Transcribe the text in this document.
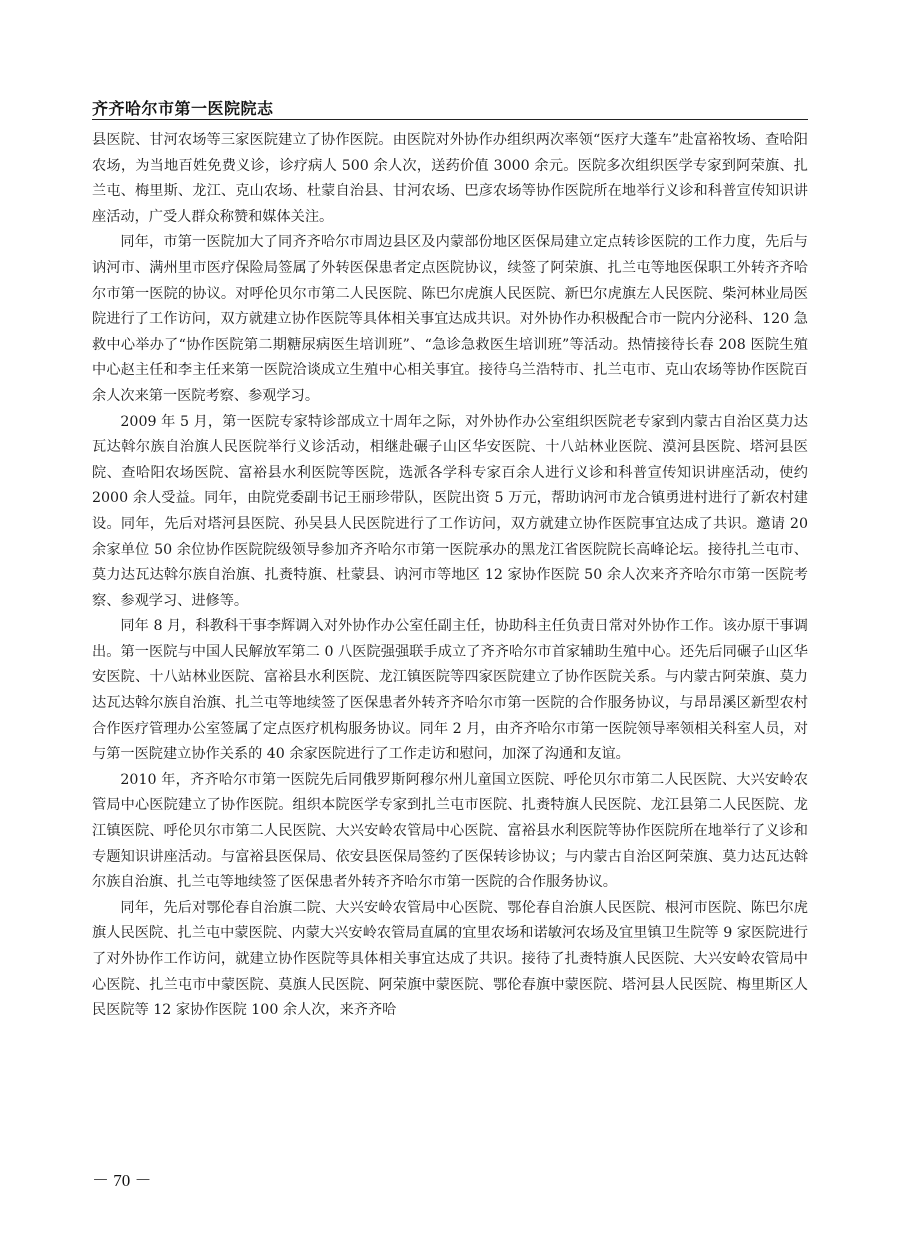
齐齐哈尔市第一医院院志

县医院、甘河农场等三家医院建立了协作医院。由医院对外协作办组织两次率领“医疗大蓬车”赴富裕牧场、查哈阳农场，为当地百姓免费义诊，诊疗病人 500 余人次，送药价值 3000 余元。医院多次组织医学专家到阿荣旗、扎兰屯、梅里斯、龙江、克山农场、杜蒙自治县、甘河农场、巴彦农场等协作医院所在地举行义诊和科普宣传知识讲座活动，广受人群众称赞和媒体关注。

同年，市第一医院加大了同齐齐哈尔市周边县区及内蒙部份地区医保局建立定点转诊医院的工作力度，先后与讷河市、满州里市医疗保险局签属了外转医保患者定点医院协议，续签了阿荣旗、扎兰屯等地医保职工外转齐齐哈尔市第一医院的协议。对呼伦贝尔市第二人民医院、陈巴尔虎旗人民医院、新巴尔虎旗左人民医院、柴河林业局医院进行了工作访问，双方就建立协作医院等具体相关事宜达成共识。对外协作办积极配合市一院内分泌科、120 急救中心举办了“协作医院第二期糖尿病医生培训班”、“急诊急救医生培训班”等活动。热情接待长春 208 医院生殖中心赵主任和李主任来第一医院洽谈成立生殖中心相关事宜。接待乌兰浩特市、扎兰屯市、克山农场等协作医院百余人次来第一医院考察、参观学习。

2009 年 5 月，第一医院专家特诊部成立十周年之际，对外协作办公室组织医院老专家到内蒙古自治区莫力达瓦达斡尔族自治旗人民医院举行义诊活动，相继赴碾子山区华安医院、十八站林业医院、漠河县医院、塔河县医院、查哈阳农场医院、富裕县水利医院等医院，选派各学科专家百余人进行义诊和科普宣传知识讲座活动，使约 2000 余人受益。同年，由院党委副书记王丽珍带队，医院出资 5 万元，帮助讷河市龙合镇勇进村进行了新农村建设。同年，先后对塔河县医院、孙吴县人民医院进行了工作访问，双方就建立协作医院事宜达成了共识。邀请 20 余家单位 50 余位协作医院院级领导参加齐齐哈尔市第一医院承办的黑龙江省医院院长高峰论坛。接待扎兰屯市、莫力达瓦达斡尔族自治旗、扎赉特旗、杜蒙县、讷河市等地区 12 家协作医院 50 余人次来齐齐哈尔市第一医院考察、参观学习、进修等。

同年 8 月，科教科干事李辉调入对外协作办公室任副主任，协助科主任负责日常对外协作工作。该办原干事调出。第一医院与中国人民解放军第二 0 八医院强强联手成立了齐齐哈尔市首家辅助生殖中心。还先后同碾子山区华安医院、十八站林业医院、富裕县水利医院、龙江镇医院等四家医院建立了协作医院关系。与内蒙古阿荣旗、莫力达瓦达斡尔族自治旗、扎兰屯等地续签了医保患者外转齐齐哈尔市第一医院的合作服务协议，与昂昂溪区新型农村合作医疗管理办公室签属了定点医疗机构服务协议。同年 2 月，由齐齐哈尔市第一医院领导率领相关科室人员，对与第一医院建立协作关系的 40 余家医院进行了工作走访和慰问，加深了沟通和友谊。

2010 年，齐齐哈尔市第一医院先后同俄罗斯阿穆尔州儿童国立医院、呼伦贝尔市第二人民医院、大兴安岭农管局中心医院建立了协作医院。组织本院医学专家到扎兰屯市医院、扎赉特旗人民医院、龙江县第二人民医院、龙江镇医院、呼伦贝尔市第二人民医院、大兴安岭农管局中心医院、富裕县水利医院等协作医院所在地举行了义诊和专题知识讲座活动。与富裕县医保局、依安县医保局签约了医保转诊协议；与内蒙古自治区阿荣旗、莫力达瓦达斡尔族自治旗、扎兰屯等地续签了医保患者外转齐齐哈尔市第一医院的合作服务协议。

同年，先后对鄂伦春自治旗二院、大兴安岭农管局中心医院、鄂伦春自治旗人民医院、根河市医院、陈巴尔虎旗人民医院、扎兰屯中蒙医院、内蒙大兴安岭农管局直属的宜里农场和诺敏河农场及宜里镇卫生院等 9 家医院进行了对外协作工作访问，就建立协作医院等具体相关事宜达成了共识。接待了扎赉特旗人民医院、大兴安岭农管局中心医院、扎兰屯市中蒙医院、莫旗人民医院、阿荣旗中蒙医院、鄂伦春旗中蒙医院、塔河县人民医院、梅里斯区人民医院等 12 家协作医院 100 余人次，来齐齐哈

－ 70 －
